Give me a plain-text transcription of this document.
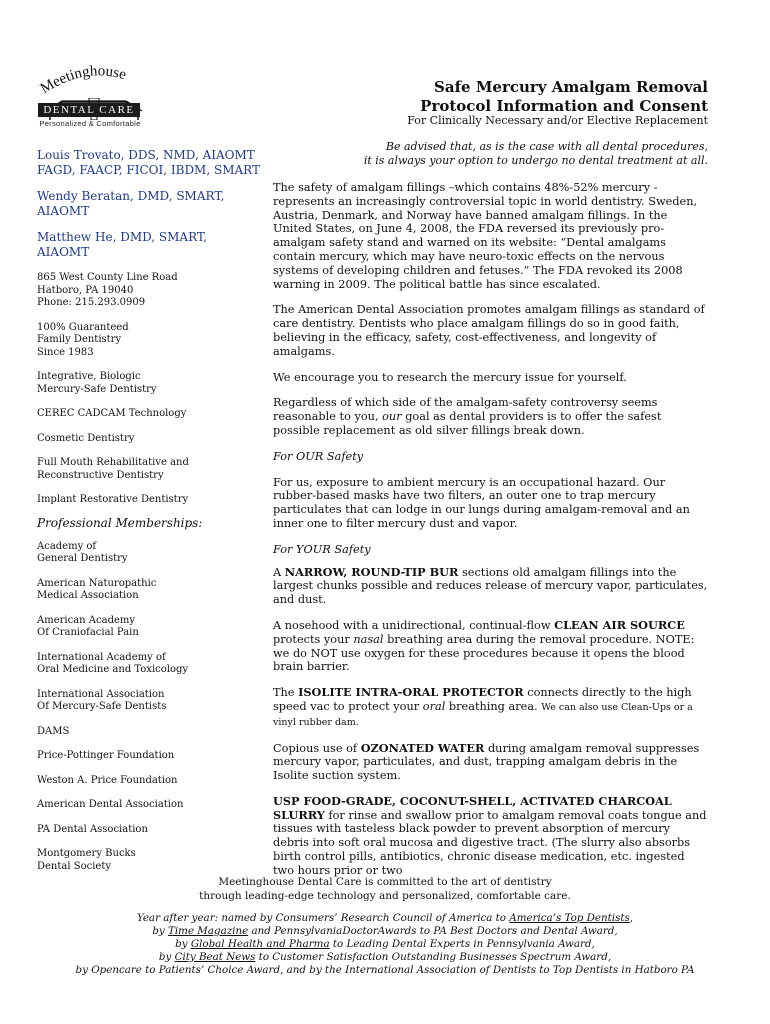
Meetinghouse
DENTAL CARE
Personalized & Comfortable
Safe Mercury Amalgam Removal
Protocol Information and Consent
For Clinically Necessary and/or Elective Replacement
Be advised that, as is the case with all dental procedures,
it is always your option to undergo no dental treatment at all.
Louis Trovato, DDS, NMD, AIAOMT
FAGD, FAACP, FICOI, IBDM, SMART
Wendy Beratan, DMD, SMART, AIAOMT
Matthew He, DMD, SMART, AIAOMT
865 West County Line Road
Hatboro, PA 19040
Phone: 215.293.0909
100% Guaranteed
Family Dentistry
Since 1983
Integrative, Biologic
Mercury-Safe Dentistry
CEREC CADCAM Technology
Cosmetic Dentistry
Full Mouth Rehabilitative and
Reconstructive Dentistry
Implant Restorative Dentistry
Professional Memberships:
Academy of
General Dentistry
American Naturopathic
Medical Association
American Academy
Of Craniofacial Pain
International Academy of
Oral Medicine and Toxicology
International Association
Of Mercury-Safe Dentists
DAMS
Price-Pottinger Foundation
Weston A. Price Foundation
American Dental Association
PA Dental Association
Montgomery Bucks
Dental Society

The safety of amalgam fillings –which contains 48%-52% mercury - represents an increasingly controversial topic in world dentistry. Sweden, Austria, Denmark, and Norway have banned amalgam fillings. In the United States, on June 4, 2008, the FDA reversed its previously pro-amalgam safety stand and warned on its website: “Dental amalgams contain mercury, which may have neuro-toxic effects on the nervous systems of developing children and fetuses.” The FDA revoked its 2008 warning in 2009. The political battle has since escalated.

The American Dental Association promotes amalgam fillings as standard of care dentistry. Dentists who place amalgam fillings do so in good faith, believing in the efficacy, safety, cost-effectiveness, and longevity of amalgams.

We encourage you to research the mercury issue for yourself.

Regardless of which side of the amalgam-safety controversy seems reasonable to you, our goal as dental providers is to offer the safest possible replacement as old silver fillings break down.

For OUR Safety

For us, exposure to ambient mercury is an occupational hazard. Our rubber-based masks have two filters, an outer one to trap mercury particulates that can lodge in our lungs during amalgam-removal and an inner one to filter mercury dust and vapor.

For YOUR Safety

A NARROW, ROUND-TIP BUR sections old amalgam fillings into the largest chunks possible and reduces release of mercury vapor, particulates, and dust.

A nosehood with a unidirectional, continual-flow CLEAN AIR SOURCE protects your nasal breathing area during the removal procedure. NOTE: we do NOT use oxygen for these procedures because it opens the blood brain barrier.

The ISOLITE INTRA-ORAL PROTECTOR connects directly to the high speed vac to protect your oral breathing area. We can also use Clean-Ups or a vinyl rubber dam.

Copious use of OZONATED WATER during amalgam removal suppresses mercury vapor, particulates, and dust, trapping amalgam debris in the Isolite suction system.

USP FOOD-GRADE, COCONUT-SHELL, ACTIVATED CHARCOAL SLURRY for rinse and swallow prior to amalgam removal coats tongue and tissues with tasteless black powder to prevent absorption of mercury debris into soft oral mucosa and digestive tract. (The slurry also absorbs birth control pills, antibiotics, chronic disease medication, etc. ingested two hours prior or two

Meetinghouse Dental Care is committed to the art of dentistry
through leading-edge technology and personalized, comfortable care.
Year after year: named by Consumers’ Research Council of America to America’s Top Dentists,
by Time Magazine and PennsylvaniaDoctorAwards to PA Best Doctors and Dental Award,
by Global Health and Pharma to Leading Dental Experts in Pennsylvania Award,
by City Beat News to Customer Satisfaction Outstanding Businesses Spectrum Award,
by Opencare to Patients’ Choice Award, and by the International Association of Dentists to Top Dentists in Hatboro PA
